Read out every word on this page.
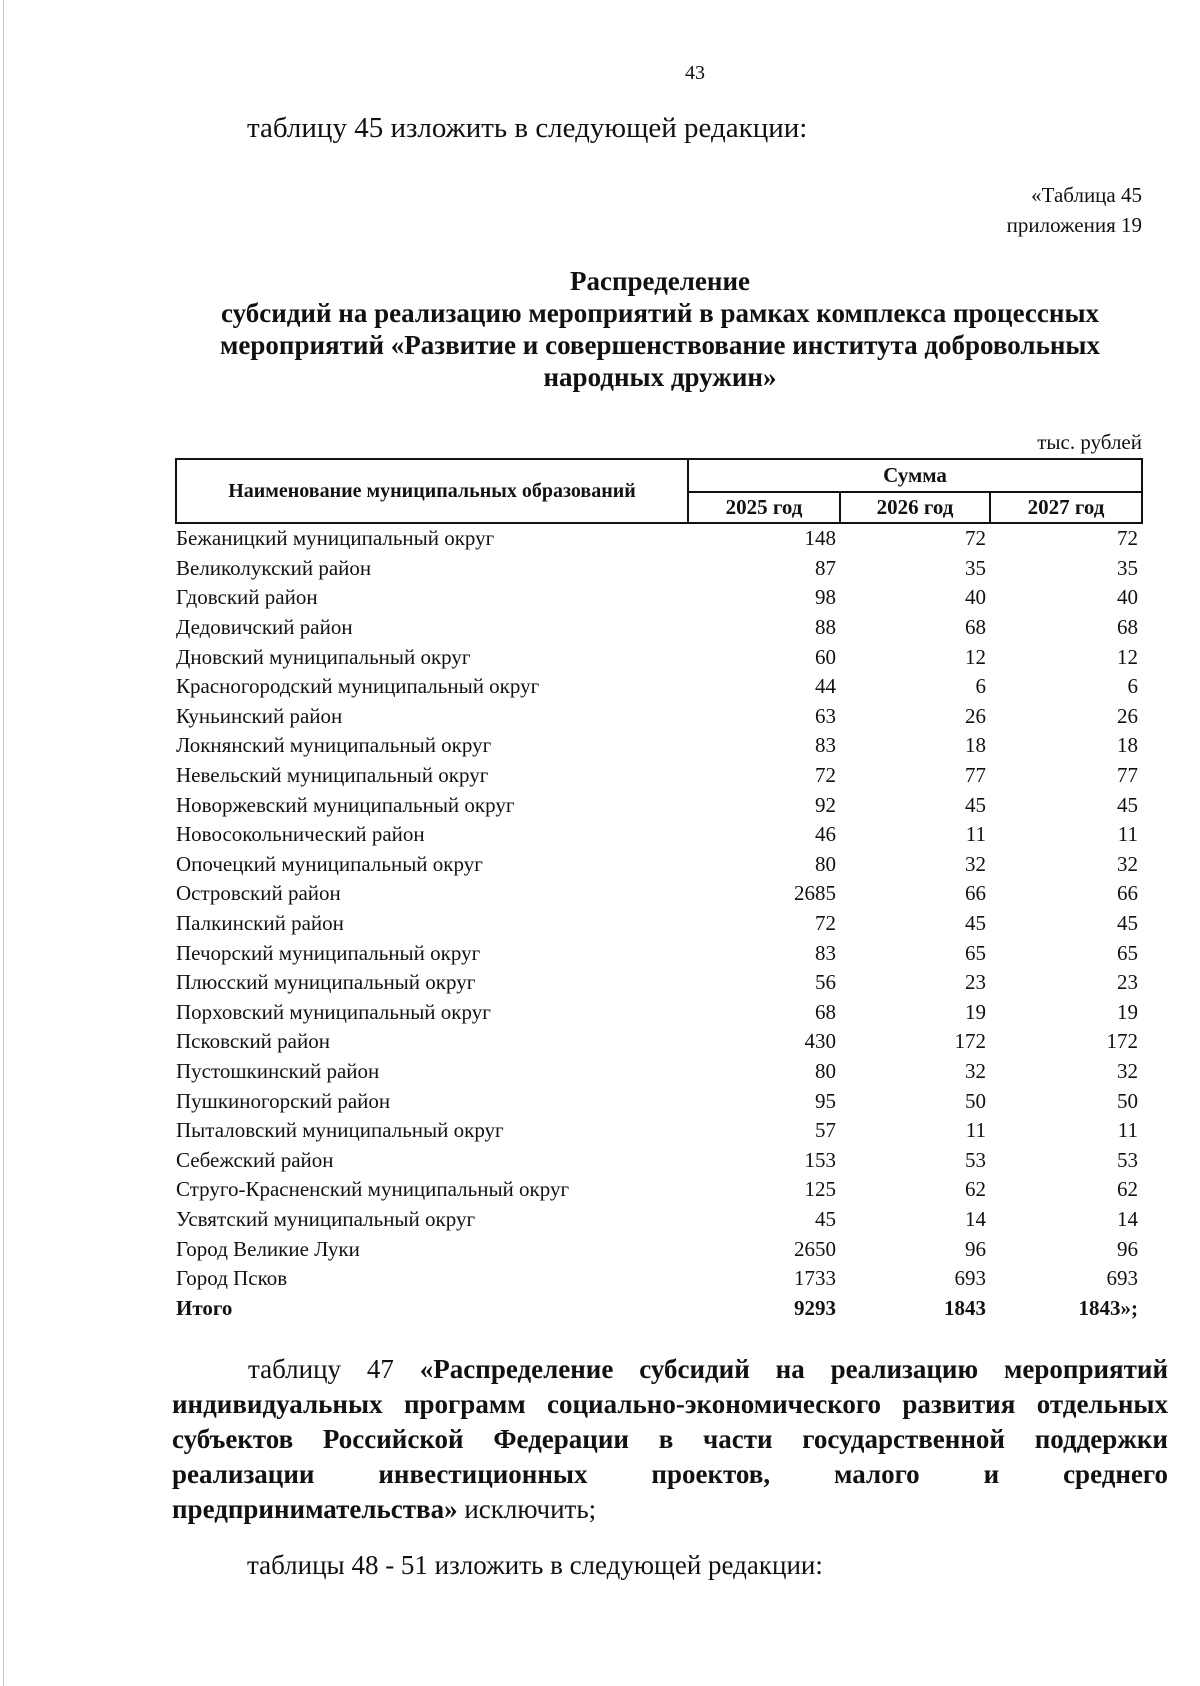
43
таблицу 45 изложить в следующей редакции:
«Таблица 45
приложения 19
Распределение
субсидий на реализацию мероприятий в рамках комплекса процессных
мероприятий «Развитие и совершенствование института добровольных
народных дружин»
тыс. рублей
Наименование муниципальных образований	Сумма		
	2025 год	2026 год	2027 год
Бежаницкий муниципальный округ	148	72	72
Великолукский район	87	35	35
Гдовский район	98	40	40
Дедовичский район	88	68	68
Дновский муниципальный округ	60	12	12
Красногородский муниципальный округ	44	6	6
Куньинский район	63	26	26
Локнянский муниципальный округ	83	18	18
Невельский муниципальный округ	72	77	77
Новоржевский муниципальный округ	92	45	45
Новосокольнический район	46	11	11
Опочецкий муниципальный округ	80	32	32
Островский район	2685	66	66
Палкинский район	72	45	45
Печорский муниципальный округ	83	65	65
Плюсский муниципальный округ	56	23	23
Порховский муниципальный округ	68	19	19
Псковский район	430	172	172
Пустошкинский район	80	32	32
Пушкиногорский район	95	50	50
Пыталовский муниципальный округ	57	11	11
Себежский район	153	53	53
Струго-Красненский муниципальный округ	125	62	62
Усвятский муниципальный округ	45	14	14
Город Великие Луки	2650	96	96
Город Псков	1733	693	693
Итого	9293	1843	1843»;
таблицу 47 «Распределение субсидий на реализацию мероприятий индивидуальных программ социально-экономического развития отдельных субъектов Российской Федерации в части государственной поддержки реализации инвестиционных проектов, малого и среднего предпринимательства» исключить;
таблицы 48 - 51 изложить в следующей редакции:
